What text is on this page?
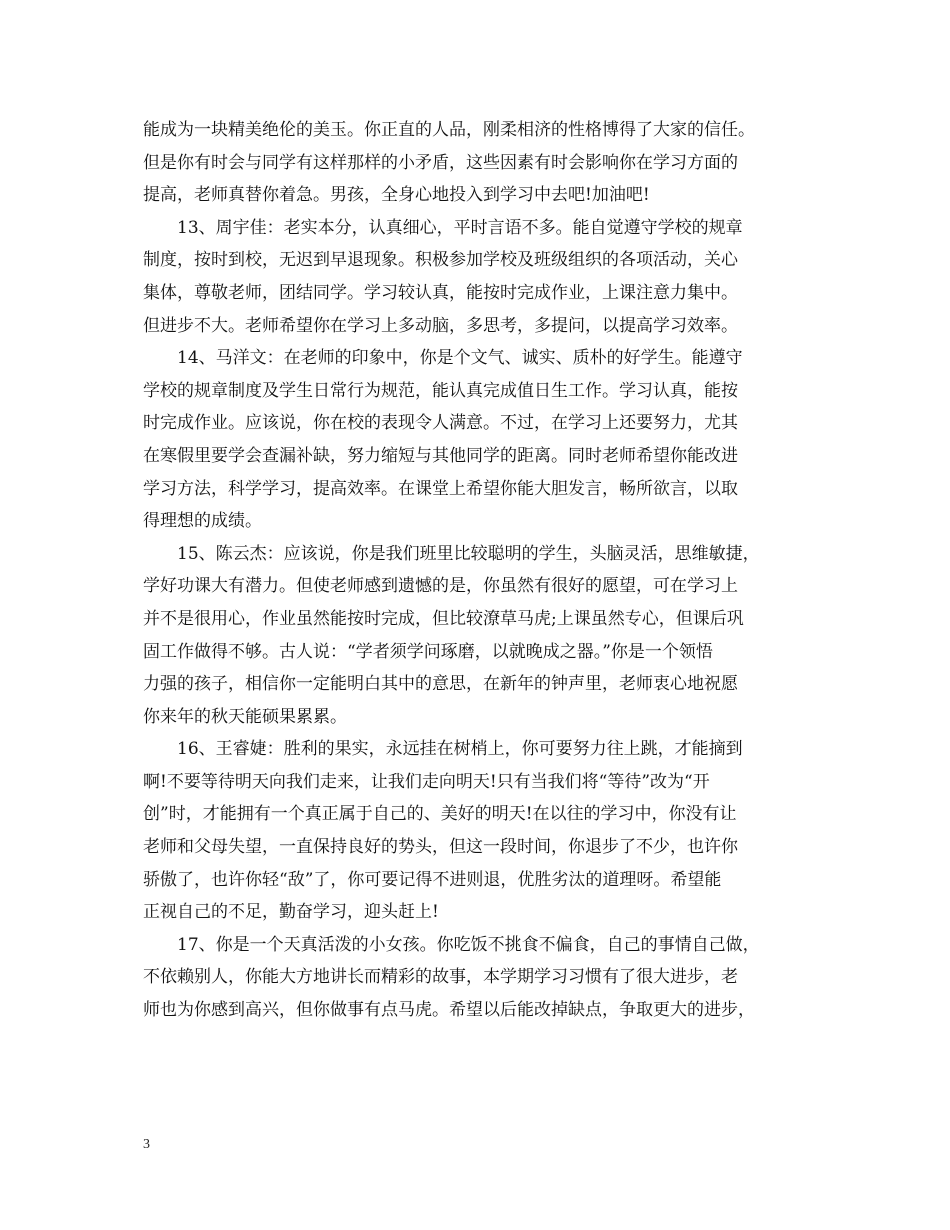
能成为一块精美绝伦的美玉。你正直的人品，刚柔相济的性格博得了大家的信任。
但是你有时会与同学有这样那样的小矛盾，这些因素有时会影响你在学习方面的
提高，老师真替你着急。男孩，全身心地投入到学习中去吧!加油吧!
13、周宇佳：老实本分，认真细心，平时言语不多。能自觉遵守学校的规章
制度，按时到校，无迟到早退现象。积极参加学校及班级组织的各项活动，关心
集体，尊敬老师，团结同学。学习较认真，能按时完成作业，上课注意力集中。
但进步不大。老师希望你在学习上多动脑，多思考，多提问，以提高学习效率。
14、马洋文：在老师的印象中，你是个文气、诚实、质朴的好学生。能遵守
学校的规章制度及学生日常行为规范，能认真完成值日生工作。学习认真，能按
时完成作业。应该说，你在校的表现令人满意。不过，在学习上还要努力，尤其
在寒假里要学会查漏补缺，努力缩短与其他同学的距离。同时老师希望你能改进
学习方法，科学学习，提高效率。在课堂上希望你能大胆发言，畅所欲言，以取
得理想的成绩。
15、陈云杰：应该说，你是我们班里比较聪明的学生，头脑灵活，思维敏捷，
学好功课大有潜力。但使老师感到遗憾的是，你虽然有很好的愿望，可在学习上
并不是很用心，作业虽然能按时完成，但比较潦草马虎;上课虽然专心，但课后巩
固工作做得不够。古人说：“学者须学问琢磨，以就晚成之器。”你是一个领悟
力强的孩子，相信你一定能明白其中的意思，在新年的钟声里，老师衷心地祝愿
你来年的秋天能硕果累累。
16、王睿婕：胜利的果实，永远挂在树梢上，你可要努力往上跳，才能摘到
啊!不要等待明天向我们走来，让我们走向明天!只有当我们将“等待”改为“开
创”时，才能拥有一个真正属于自己的、美好的明天!在以往的学习中，你没有让
老师和父母失望，一直保持良好的势头，但这一段时间，你退步了不少，也许你
骄傲了，也许你轻“敌”了，你可要记得不进则退，优胜劣汰的道理呀。希望能
正视自己的不足，勤奋学习，迎头赶上!
17、你是一个天真活泼的小女孩。你吃饭不挑食不偏食，自己的事情自己做，
不依赖别人，你能大方地讲长而精彩的故事，本学期学习习惯有了很大进步，老
师也为你感到高兴，但你做事有点马虎。希望以后能改掉缺点，争取更大的进步，
3
